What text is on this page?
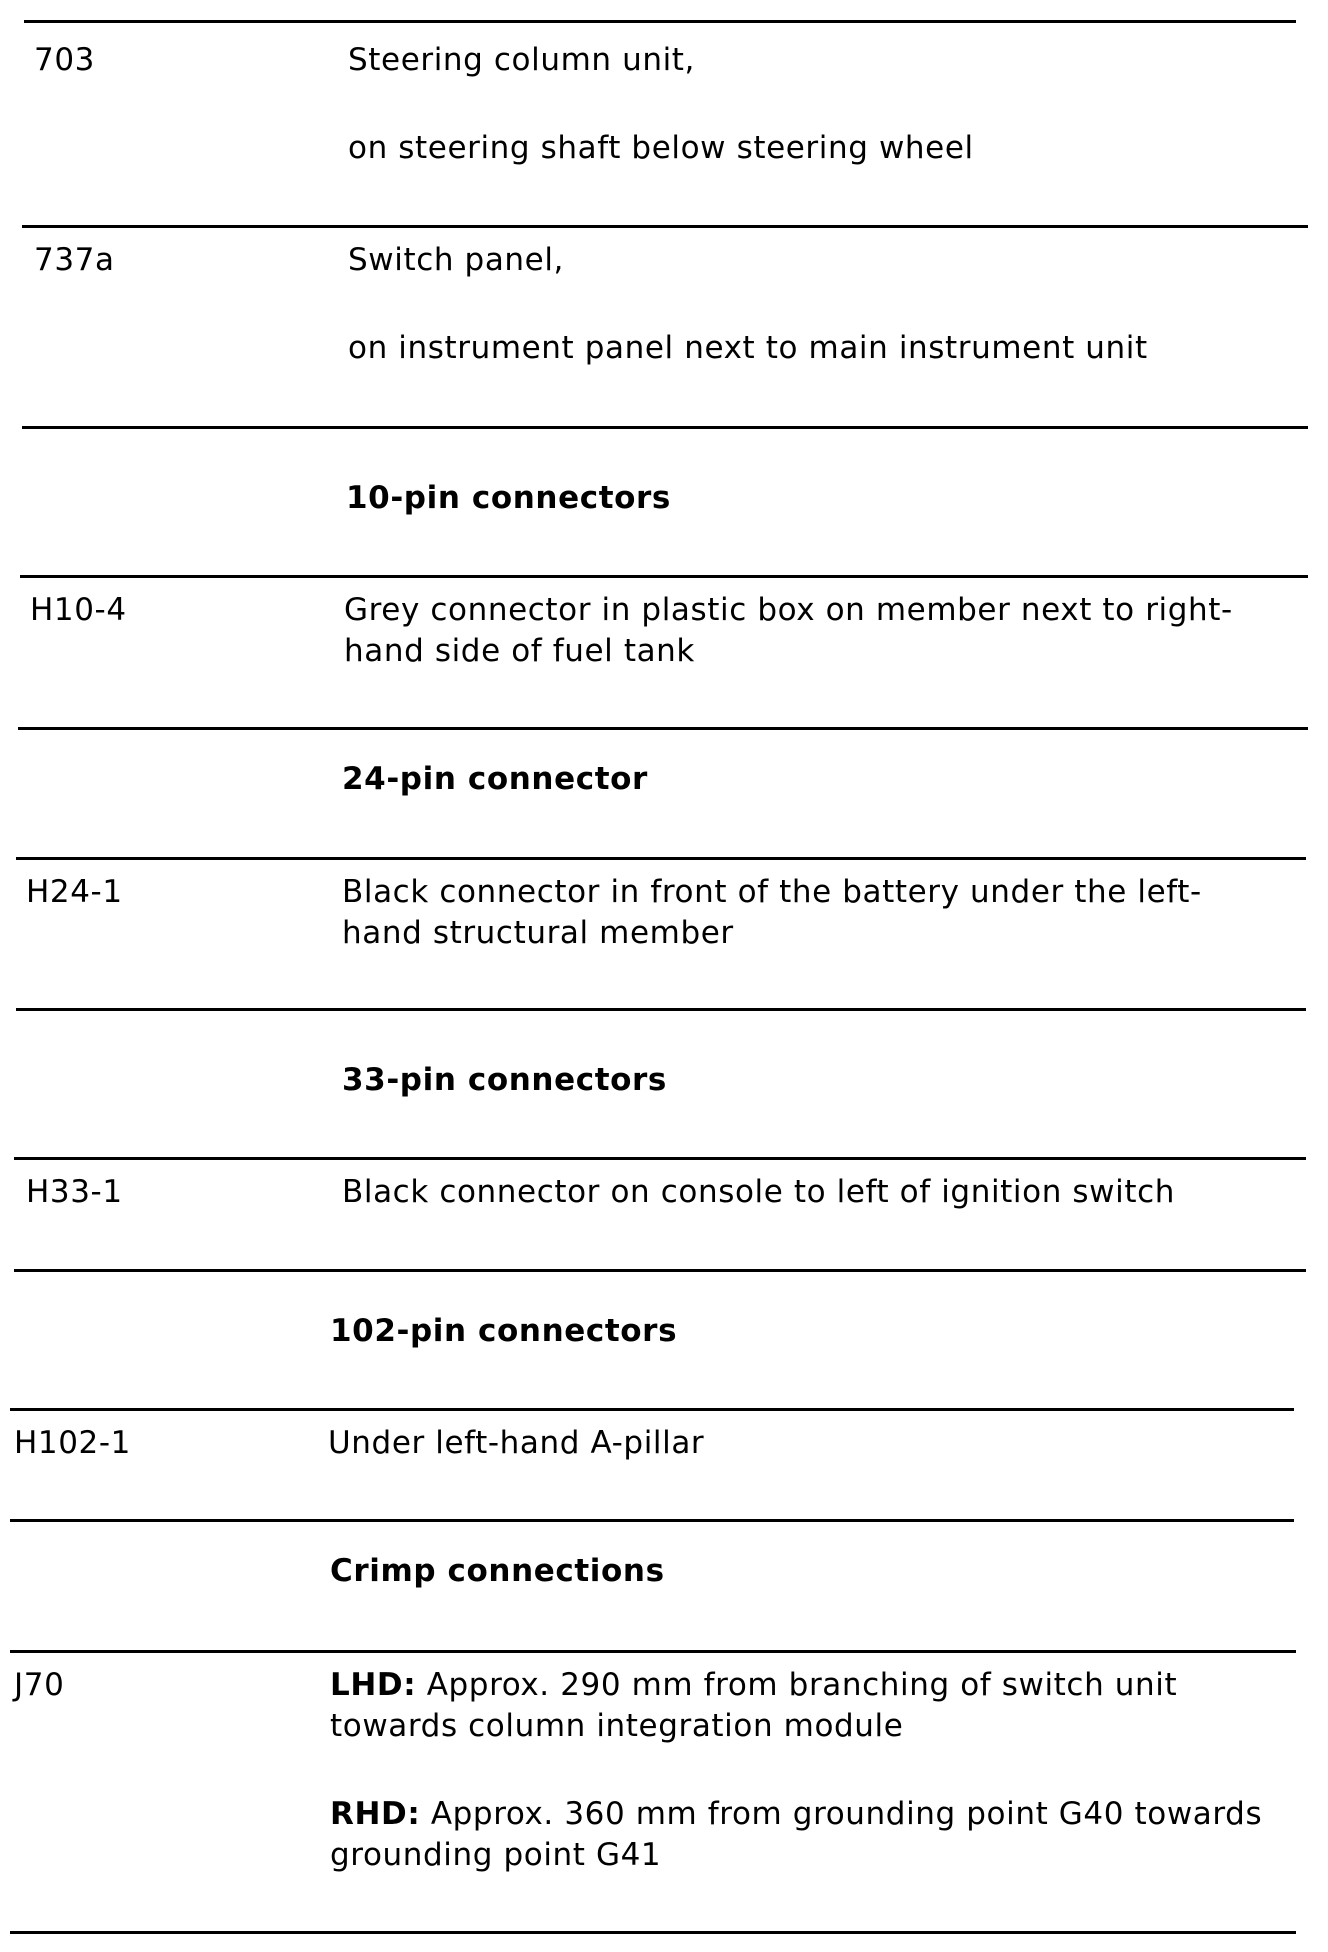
703	Steering column unit,
on steering shaft below steering wheel
737a	Switch panel,
on instrument panel next to main instrument unit
10-pin connectors
H10-4	Grey connector in plastic box on member next to right-hand side of fuel tank
24-pin connector
H24-1	Black connector in front of the battery under the left-hand structural member
33-pin connectors
H33-1	Black connector on console to left of ignition switch
102-pin connectors
H102-1	Under left-hand A-pillar
Crimp connections
J70	LHD: Approx. 290 mm from branching of switch unit towards column integration module

RHD: Approx. 360 mm from grounding point G40 towards grounding point G41
